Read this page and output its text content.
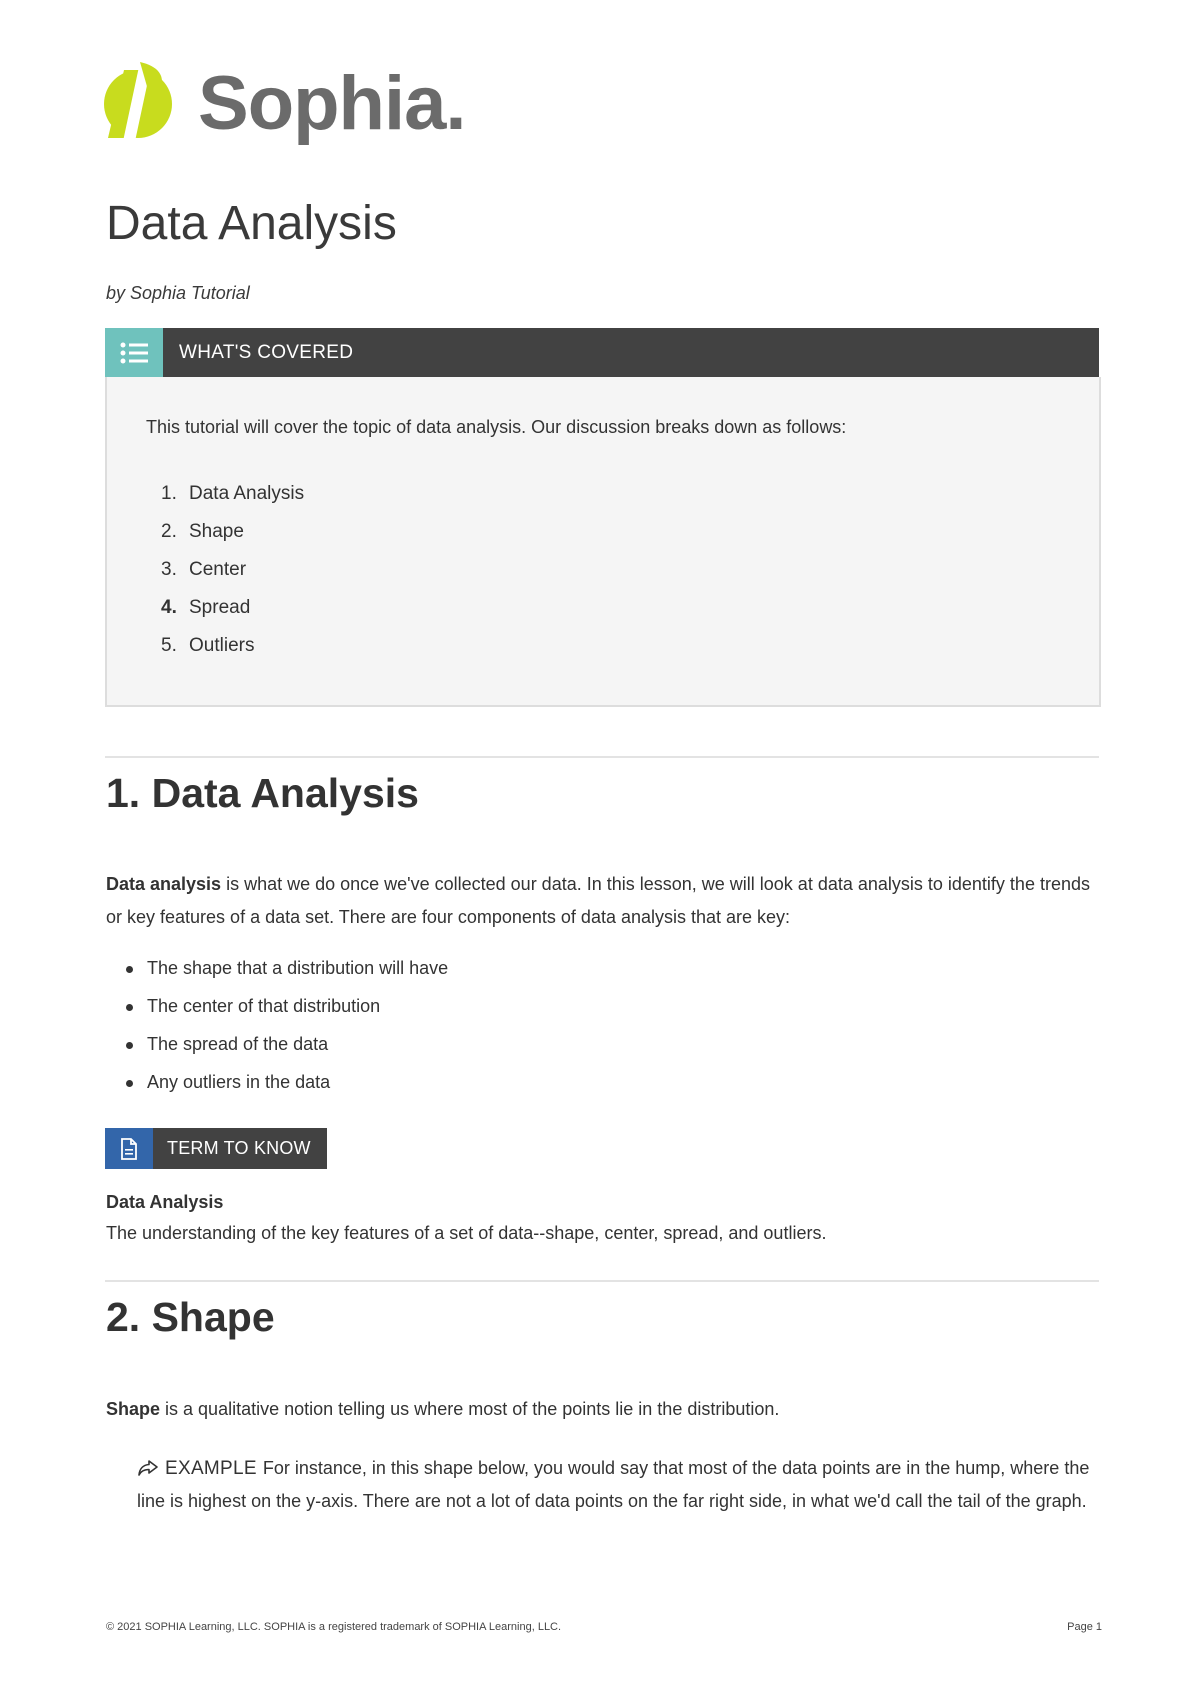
Sophia.
Data Analysis
by Sophia Tutorial
WHAT'S COVERED
This tutorial will cover the topic of data analysis. Our discussion breaks down as follows:
1. Data Analysis
2. Shape
3. Center
4. Spread
5. Outliers
1. Data Analysis
Data analysis is what we do once we've collected our data. In this lesson, we will look at data analysis to identify the trends or key features of a data set. There are four components of data analysis that are key:
The shape that a distribution will have
The center of that distribution
The spread of the data
Any outliers in the data
TERM TO KNOW
Data Analysis
The understanding of the key features of a set of data--shape, center, spread, and outliers.
2. Shape
Shape is a qualitative notion telling us where most of the points lie in the distribution.
EXAMPLE For instance, in this shape below, you would say that most of the data points are in the hump, where the line is highest on the y-axis. There are not a lot of data points on the far right side, in what we'd call the tail of the graph.
© 2021 SOPHIA Learning, LLC. SOPHIA is a registered trademark of SOPHIA Learning, LLC.	Page 1
